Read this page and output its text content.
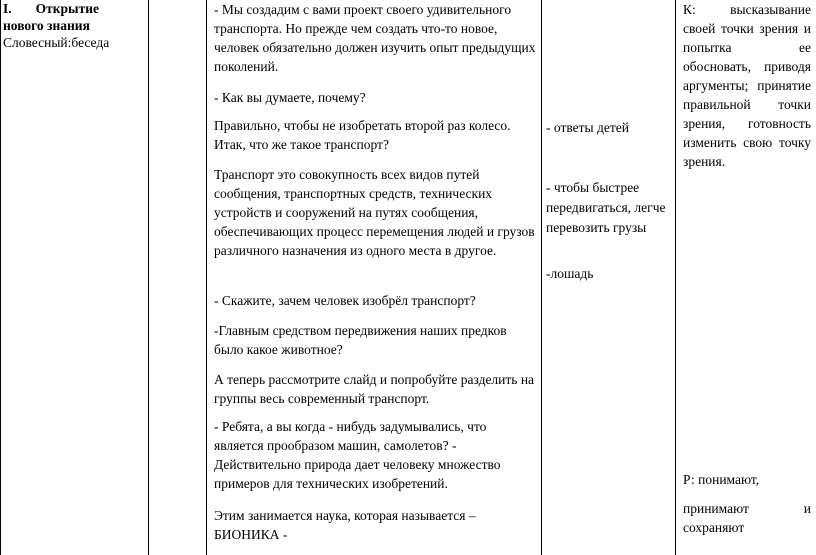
I. Открытие
нового знания
Словесный:беседа

- Мы создадим с вами проект своего удивительного транспорта. Но прежде чем создать что-то новое, человек обязательно должен изучить опыт предыдущих поколений.

- Как вы думаете, почему?

Правильно, чтобы не изобретать второй раз колесо. Итак, что же такое транспорт?

Транспорт это совокупность всех видов путей сообщения, транспортных средств, технических устройств и сооружений на путях сообщения, обеспечивающих процесс перемещения людей и грузов различного назначения из одного места в другое.

- Скажите, зачем человек изобрёл транспорт?

-Главным средством передвижения наших предков было какое животное?

А теперь рассмотрите слайд и попробуйте разделить на группы весь современный транспорт.

- Ребята, а вы когда - нибудь задумывались, что является прообразом машин, самолетов? - Действительно природа дает человеку множество примеров для технических изобретений.

Этим занимается наука, которая называется – БИОНИКА -

- ответы детей
- чтобы быстрее передвигаться, легче перевозить грузы
-лошадь
К: высказывание своей точки зрения и попытка ее обосновать, приводя аргументы; принятие правильной точки зрения, готовность изменить свою точку зрения.
Р: понимают,
принимают и сохраняют
